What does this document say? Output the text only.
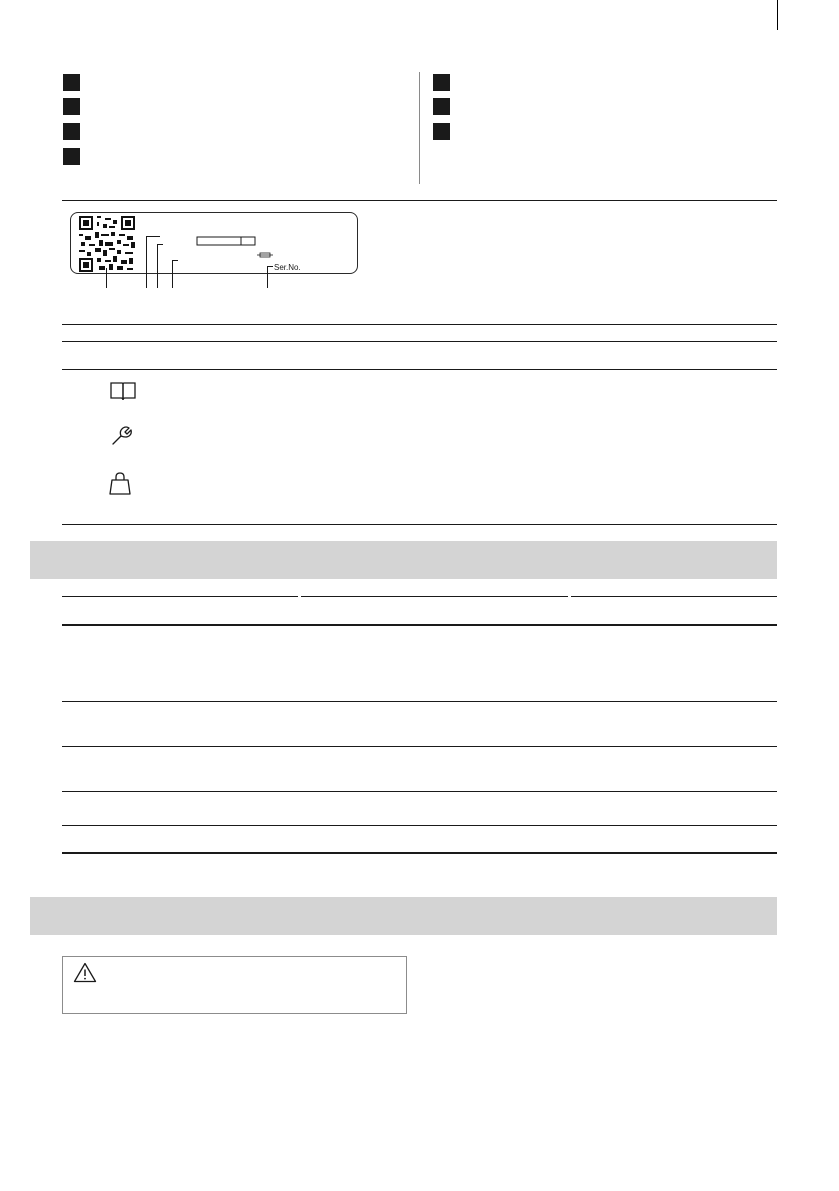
Ser.No.
